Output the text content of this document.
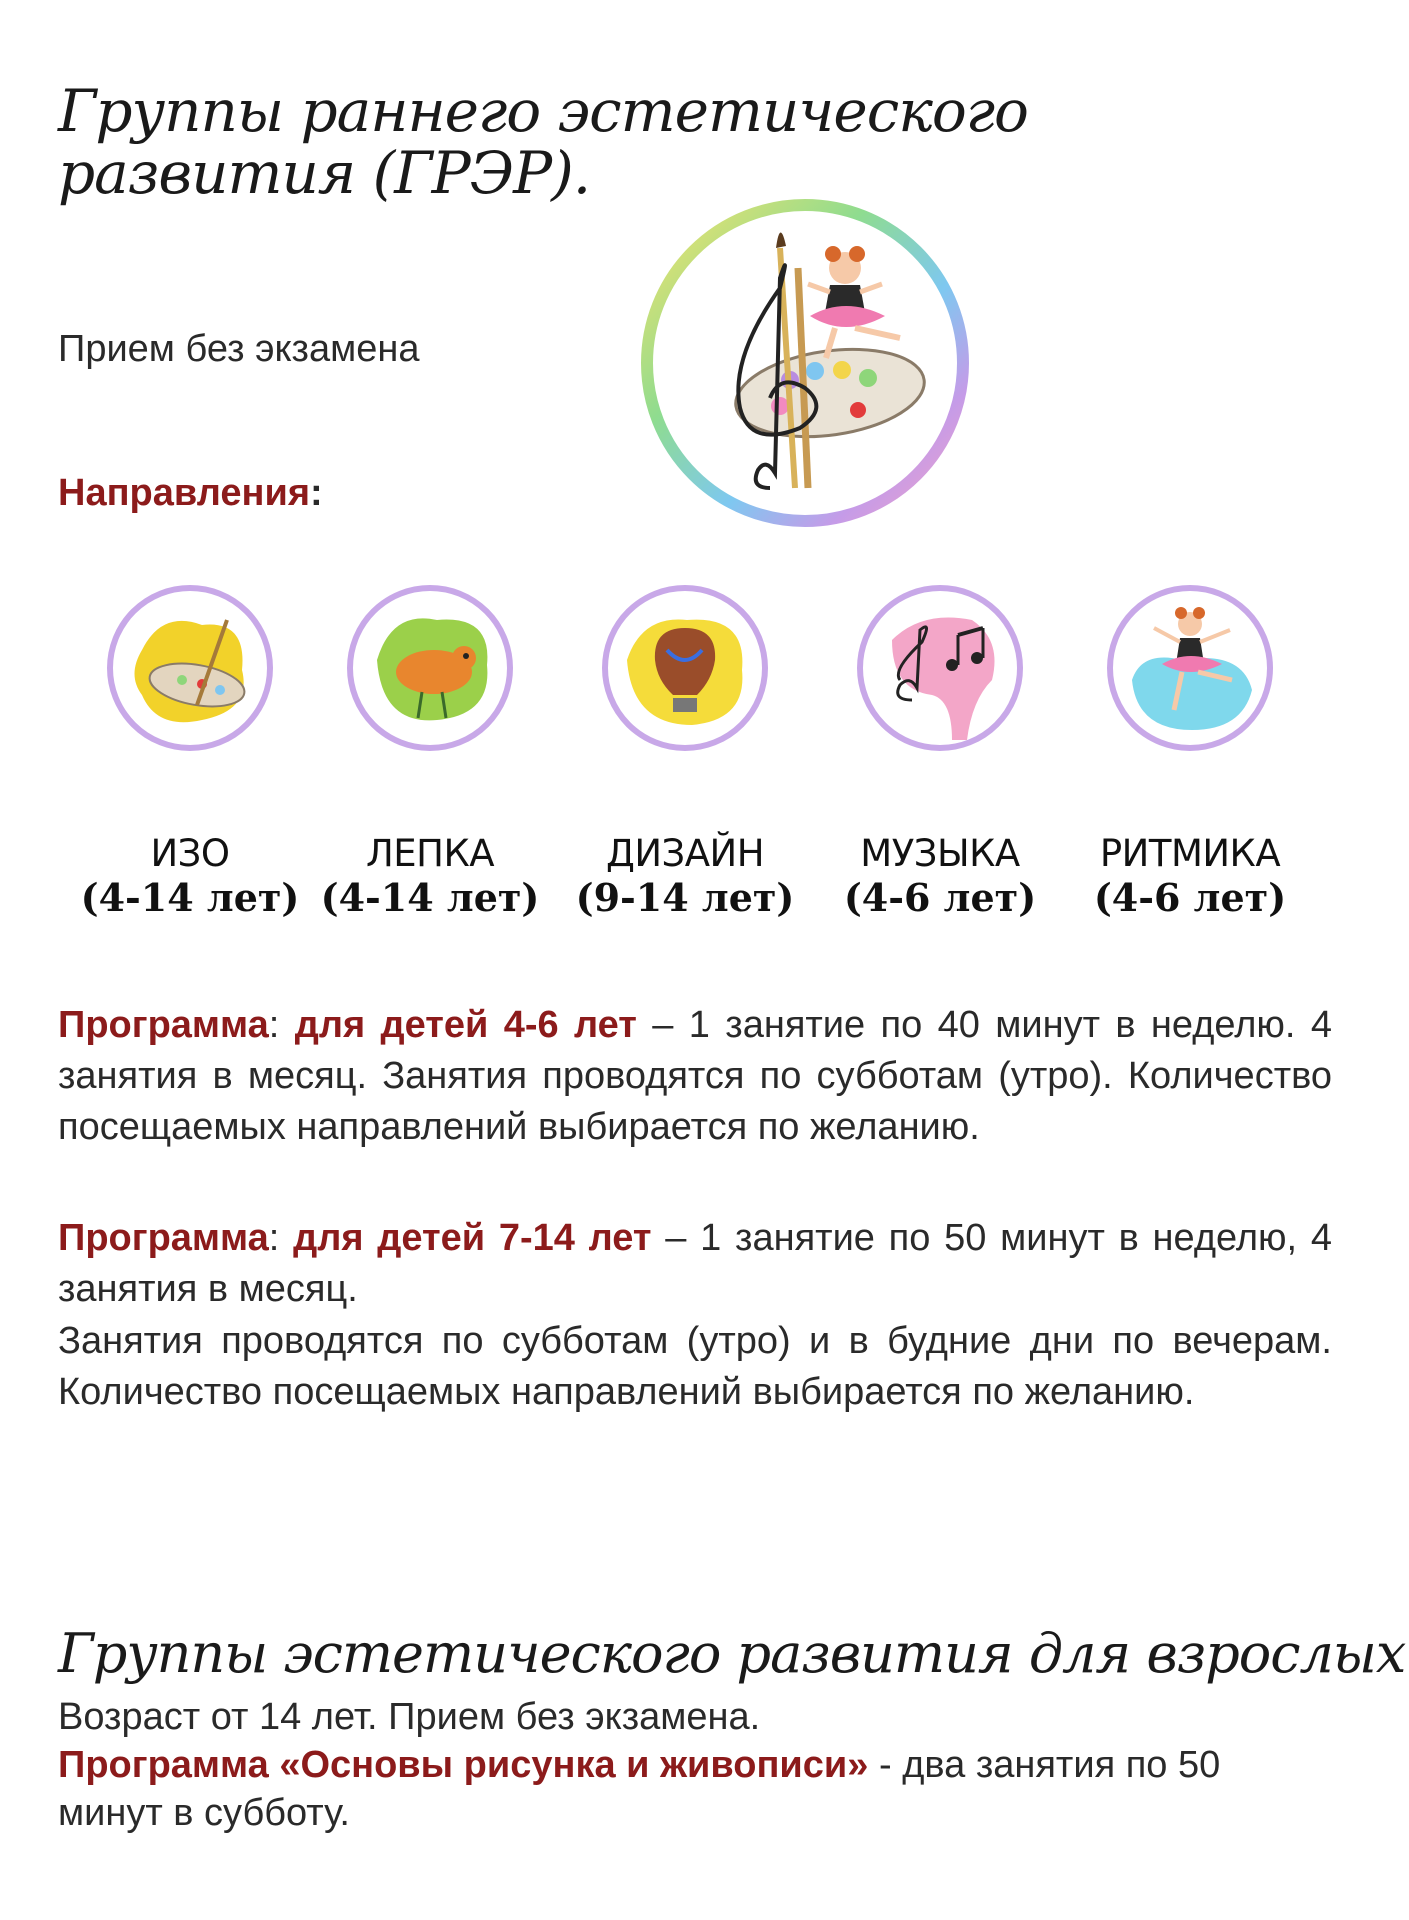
Группы раннего эстетического развития (ГРЭР).
Прием без экзамена
Направления:
ИЗО
(4-14 лет)
ЛЕПКА
(4-14 лет)
ДИЗАЙН
(9-14 лет)
МУЗЫКА
(4-6 лет)
РИТМИКА
(4-6 лет)

Программа: для детей 4-6 лет – 1 занятие по 40 минут в неделю. 4 занятия в месяц. Занятия проводятся по субботам (утро). Количество посещаемых направлений выбирается по желанию.

Программа: для детей 7-14 лет – 1 занятие по 50 минут в неделю, 4 занятия в месяц.

Занятия проводятся по субботам (утро) и в будние дни по вечерам. Количество посещаемых направлений выбирается по желанию.

Группы эстетического развития для взрослых

Возраст от 14 лет. Прием без экзамена.

Программа «Основы рисунка и живописи» - два занятия по 50 минут в субботу.
